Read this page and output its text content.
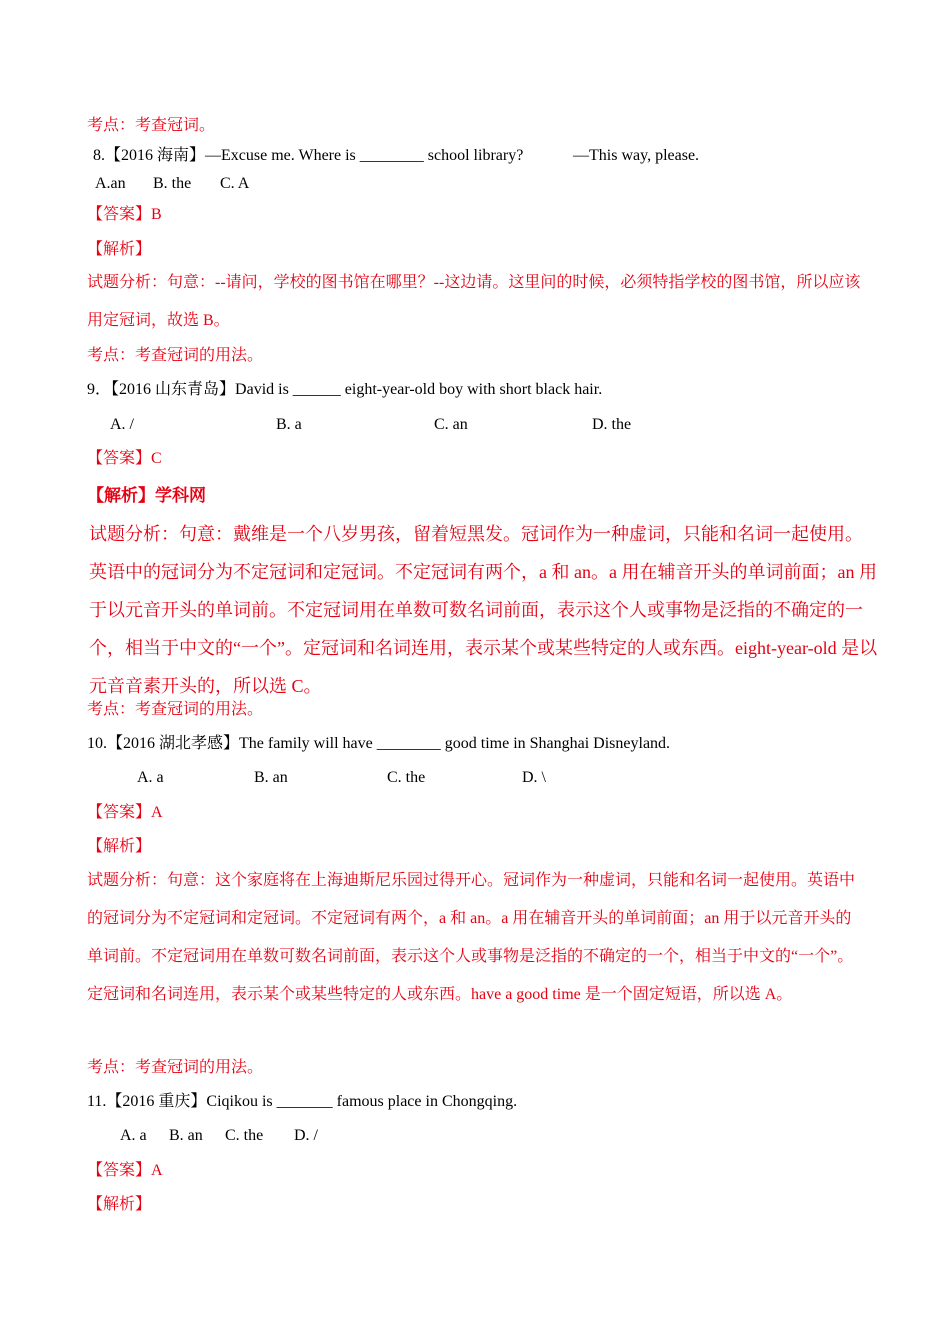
考点：考查冠词。
8.【2016 海南】—Excuse me. Where is ________ school library?	—This way, please.
A.an B. the C. A
【答案】B
【解析】
试题分析：句意：--请问，学校的图书馆在哪里？--这边请。这里问的时候，必须特指学校的图书馆，所以应该用定冠词，故选 B。
考点：考查冠词的用法。
9．【2016 山东青岛】David is ______ eight-year-old boy with short black hair.
A. /	B. a	C. an	D. the
【答案】C
【解析】学科网
试题分析：句意：戴维是一个八岁男孩，留着短黑发。冠词作为一种虚词，只能和名词一起使用。英语中的冠词分为不定冠词和定冠词。不定冠词有两个，a 和 an。a 用在辅音开头的单词前面；an 用于以元音开头的单词前。不定冠词用在单数可数名词前面，表示这个人或事物是泛指的不确定的一个，相当于中文的“一个”。定冠词和名词连用，表示某个或某些特定的人或东西。eight-year-old 是以元音音素开头的，所以选 C。
考点：考查冠词的用法。
10.【2016 湖北孝感】The family will have ________ good time in Shanghai Disneyland.
A. a	B. an	C. the	D. \
【答案】A
【解析】
试题分析：句意：这个家庭将在上海迪斯尼乐园过得开心。冠词作为一种虚词，只能和名词一起使用。英语中的冠词分为不定冠词和定冠词。不定冠词有两个，a 和 an。a 用在辅音开头的单词前面；an 用于以元音开头的单词前。不定冠词用在单数可数名词前面，表示这个人或事物是泛指的不确定的一个，相当于中文的“一个”。定冠词和名词连用，表示某个或某些特定的人或东西。have a good time 是一个固定短语，所以选 A。
考点：考查冠词的用法。
11.【2016 重庆】Ciqikou is _______ famous place in Chongqing.
A. a B. an C. the D. /
【答案】A
【解析】
